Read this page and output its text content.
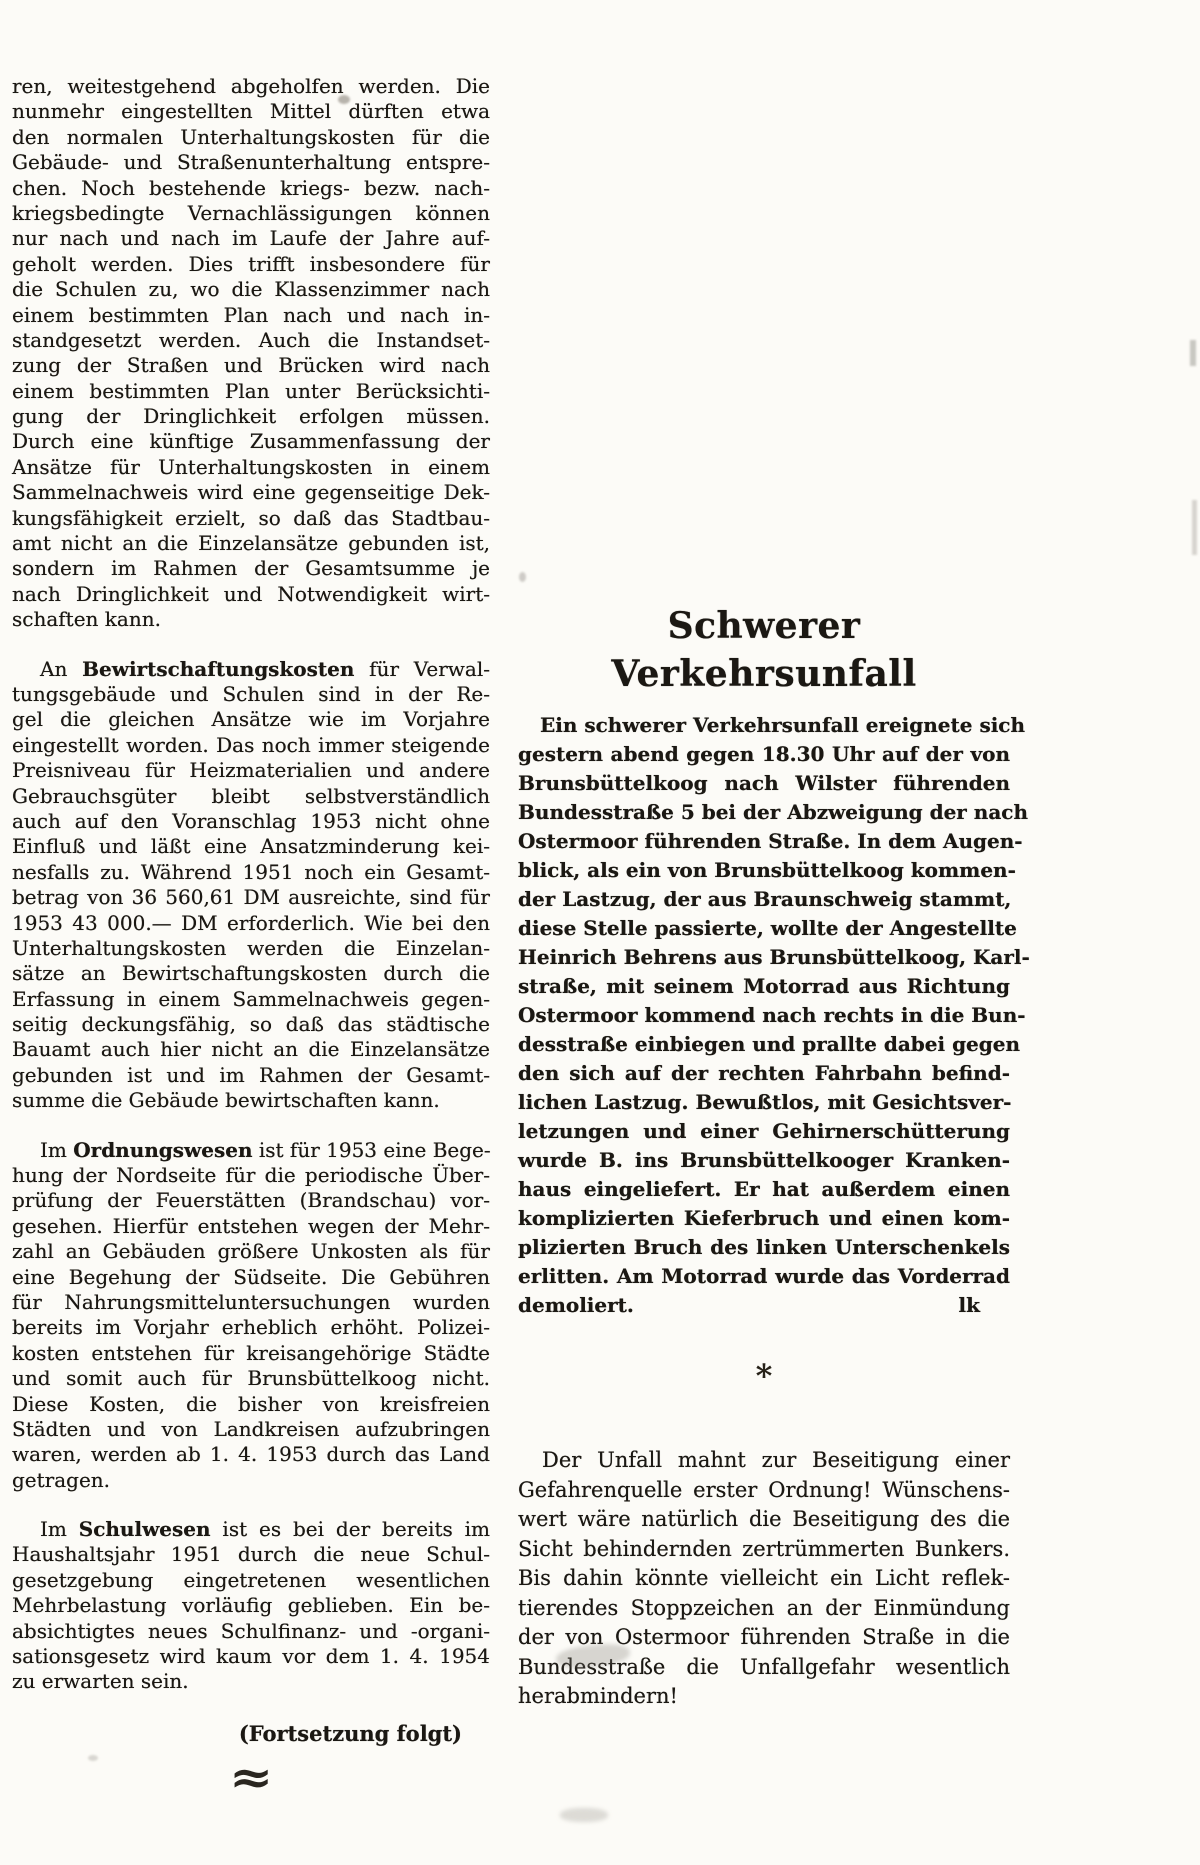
ren, weitestgehend abgeholfen werden. Die
nunmehr eingestellten Mittel dürften etwa
den normalen Unterhaltungskosten für die
Gebäude- und Straßenunterhaltung entspre-
chen. Noch bestehende kriegs- bezw. nach-
kriegsbedingte Vernachlässigungen können
nur nach und nach im Laufe der Jahre auf-
geholt werden. Dies trifft insbesondere für
die Schulen zu, wo die Klassenzimmer nach
einem bestimmten Plan nach und nach in-
standgesetzt werden. Auch die Instandset-
zung der Straßen und Brücken wird nach
einem bestimmten Plan unter Berücksichti-
gung der Dringlichkeit erfolgen müssen.
Durch eine künftige Zusammenfassung der
Ansätze für Unterhaltungskosten in einem
Sammelnachweis wird eine gegenseitige Dek-
kungsfähigkeit erzielt, so daß das Stadtbau-
amt nicht an die Einzelansätze gebunden ist,
sondern im Rahmen der Gesamtsumme je
nach Dringlichkeit und Notwendigkeit wirt-
schaften kann.
An Bewirtschaftungskosten für Verwal-
tungsgebäude und Schulen sind in der Re-
gel die gleichen Ansätze wie im Vorjahre
eingestellt worden. Das noch immer steigende
Preisniveau für Heizmaterialien und andere
Gebrauchsgüter bleibt selbstverständlich
auch auf den Voranschlag 1953 nicht ohne
Einfluß und läßt eine Ansatzminderung kei-
nesfalls zu. Während 1951 noch ein Gesamt-
betrag von 36 560,61 DM ausreichte, sind für
1953 43 000.— DM erforderlich. Wie bei den
Unterhaltungskosten werden die Einzelan-
sätze an Bewirtschaftungskosten durch die
Erfassung in einem Sammelnachweis gegen-
seitig deckungsfähig, so daß das städtische
Bauamt auch hier nicht an die Einzelansätze
gebunden ist und im Rahmen der Gesamt-
summe die Gebäude bewirtschaften kann.
Im Ordnungswesen ist für 1953 eine Bege-
hung der Nordseite für die periodische Über-
prüfung der Feuerstätten (Brandschau) vor-
gesehen. Hierfür entstehen wegen der Mehr-
zahl an Gebäuden größere Unkosten als für
eine Begehung der Südseite. Die Gebühren
für Nahrungsmitteluntersuchungen wurden
bereits im Vorjahr erheblich erhöht. Polizei-
kosten entstehen für kreisangehörige Städte
und somit auch für Brunsbüttelkoog nicht.
Diese Kosten, die bisher von kreisfreien
Städten und von Landkreisen aufzubringen
waren, werden ab 1. 4. 1953 durch das Land
getragen.
Im Schulwesen ist es bei der bereits im
Haushaltsjahr 1951 durch die neue Schul-
gesetzgebung eingetretenen wesentlichen
Mehrbelastung vorläufig geblieben. Ein be-
absichtigtes neues Schulfinanz- und -organi-
sationsgesetz wird kaum vor dem 1. 4. 1954
zu erwarten sein.
(Fortsetzung folgt)
≈
Schwerer Verkehrsunfall
Ein schwerer Verkehrsunfall ereignete sich
gestern abend gegen 18.30 Uhr auf der von
Brunsbüttelkoog nach Wilster führenden
Bundesstraße 5 bei der Abzweigung der nach
Ostermoor führenden Straße. In dem Augen-
blick, als ein von Brunsbüttelkoog kommen-
der Lastzug, der aus Braunschweig stammt,
diese Stelle passierte, wollte der Angestellte
Heinrich Behrens aus Brunsbüttelkoog, Karl-
straße, mit seinem Motorrad aus Richtung
Ostermoor kommend nach rechts in die Bun-
desstraße einbiegen und prallte dabei gegen
den sich auf der rechten Fahrbahn befind-
lichen Lastzug. Bewußtlos, mit Gesichtsver-
letzungen und einer Gehirnerschütterung
wurde B. ins Brunsbüttelkooger Kranken-
haus eingeliefert. Er hat außerdem einen
komplizierten Kieferbruch und einen kom-
plizierten Bruch des linken Unterschenkels
erlitten. Am Motorrad wurde das Vorderrad
demoliert.	lk
*
Der Unfall mahnt zur Beseitigung einer
Gefahrenquelle erster Ordnung! Wünschens-
wert wäre natürlich die Beseitigung des die
Sicht behindernden zertrümmerten Bunkers.
Bis dahin könnte vielleicht ein Licht reflek-
tierendes Stoppzeichen an der Einmündung
der von Ostermoor führenden Straße in die
Bundesstraße die Unfallgefahr wesentlich
herabmindern!
